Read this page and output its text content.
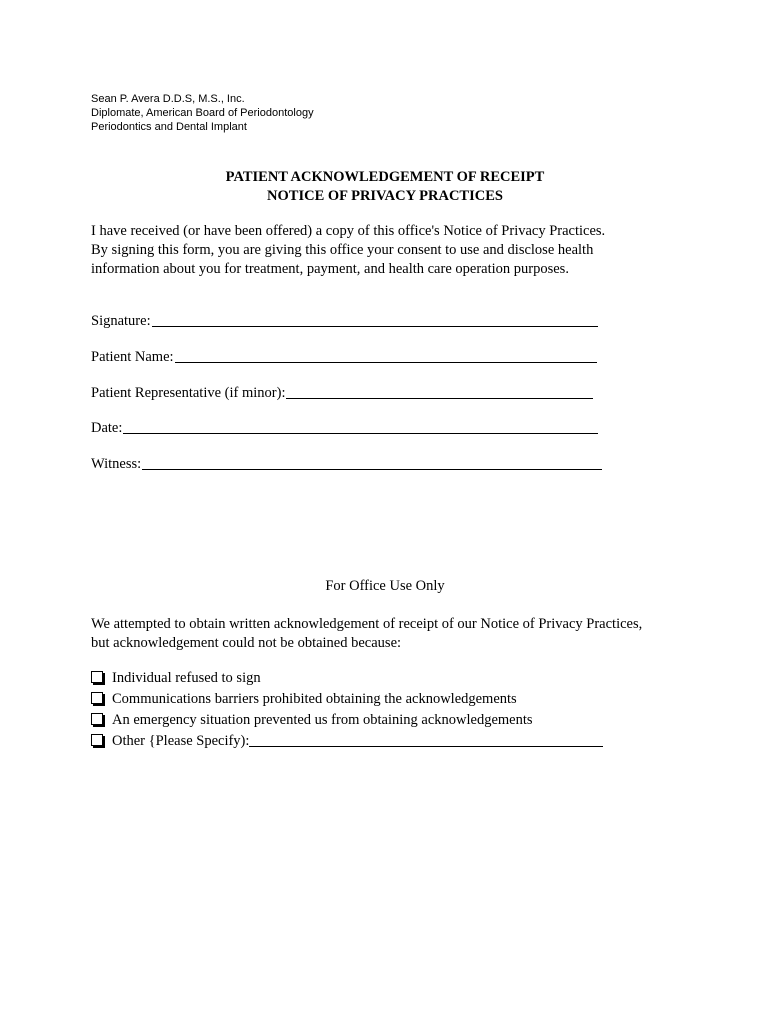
Sean P. Avera D.D.S, M.S., Inc.
Diplomate, American Board of Periodontology
Periodontics and Dental Implant
PATIENT ACKNOWLEDGEMENT OF RECEIPT
NOTICE OF PRIVACY PRACTICES
I have received (or have been offered) a copy of this office's Notice of Privacy Practices.
By signing this form, you are giving this office your consent to use and disclose health
information about you for treatment, payment, and health care operation purposes.
Signature:
Patient Name:
Patient Representative (if minor):
Date:
Witness:
For Office Use Only
We attempted to obtain written acknowledgement of receipt of our Notice of Privacy Practices,
but acknowledgement could not be obtained because:
Individual refused to sign
Communications barriers prohibited obtaining the acknowledgements
An emergency situation prevented us from obtaining acknowledgements
Other {Please Specify):
